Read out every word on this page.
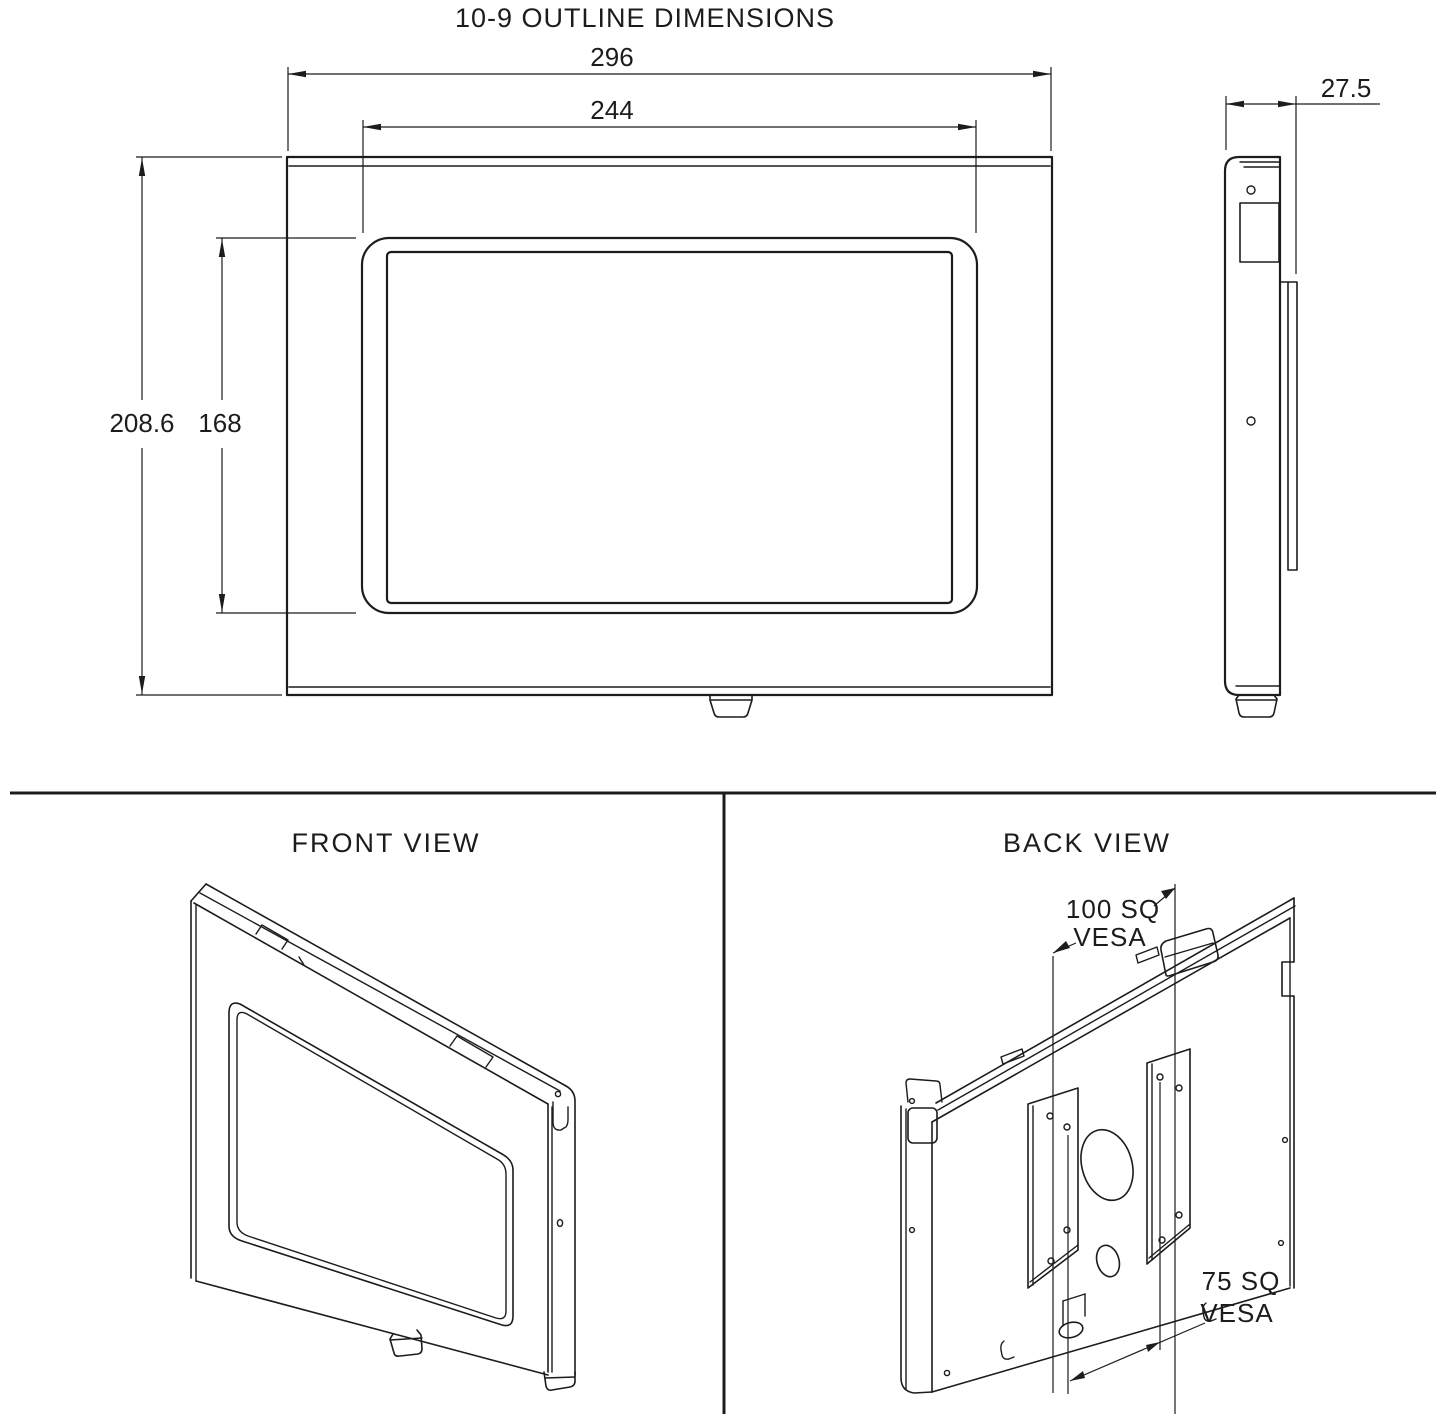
10-9 OUTLINE DIMENSIONS
296
244
208.6 168
27.5
FRONT VIEW	BACK VIEW
100 SQ
VESA
75 SQ
VESA
